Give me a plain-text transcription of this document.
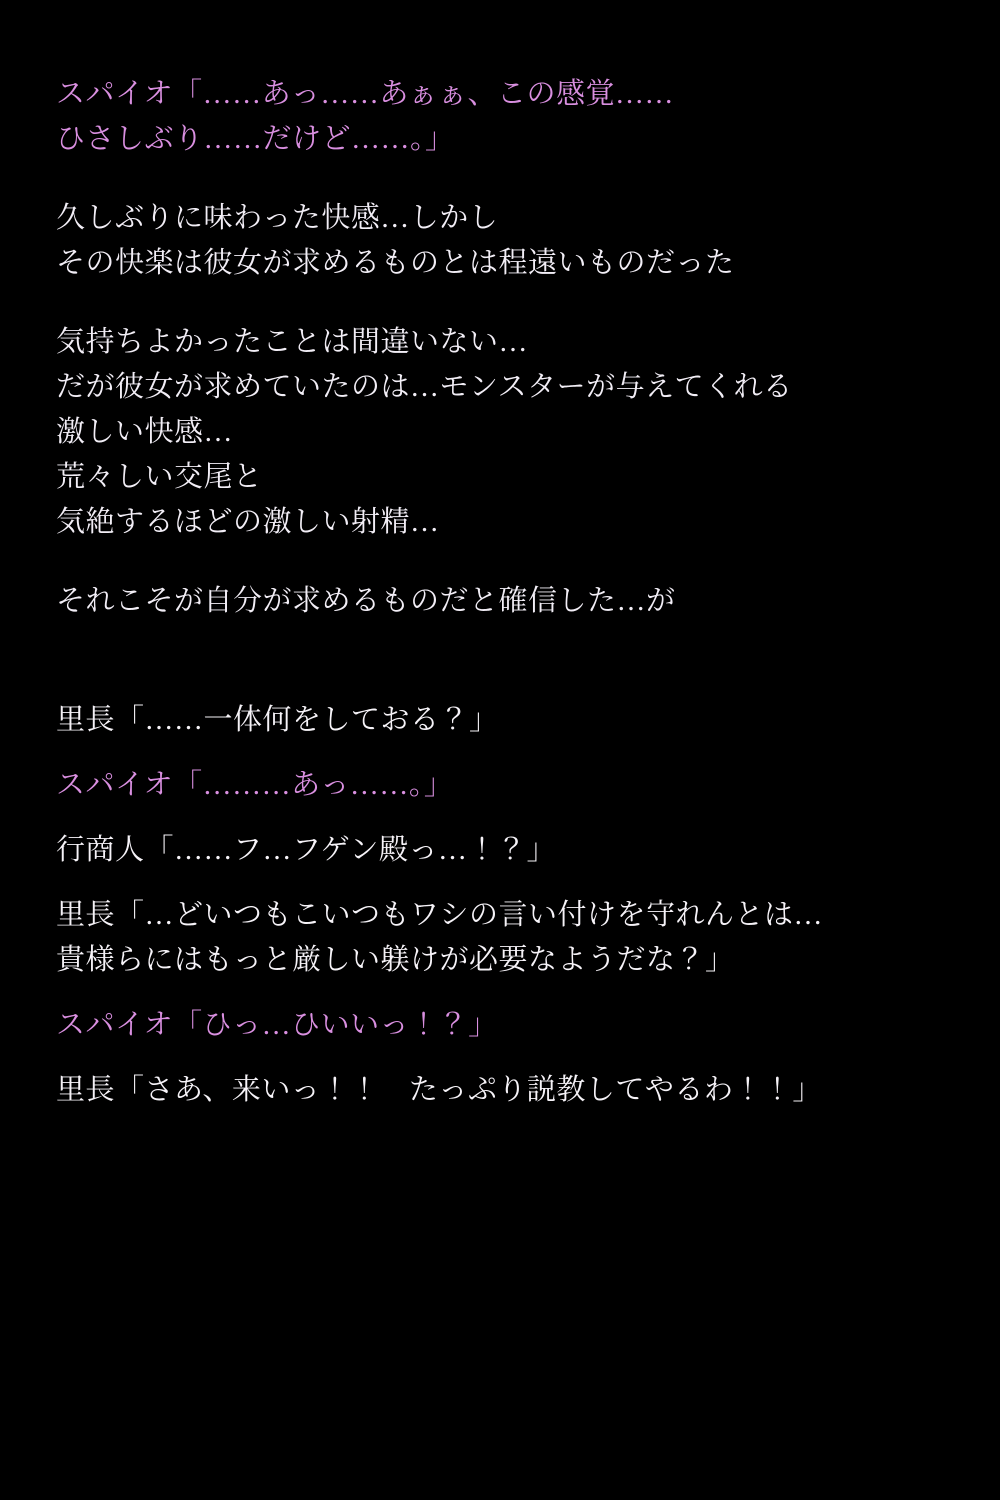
スパイオ「……あっ……あぁぁ、この感覚……
ひさしぶり……だけど……。」
久しぶりに味わった快感…しかし
その快楽は彼女が求めるものとは程遠いものだった
気持ちよかったことは間違いない…
だが彼女が求めていたのは…モンスターが与えてくれる
激しい快感…
荒々しい交尾と
気絶するほどの激しい射精…
それこそが自分が求めるものだと確信した…が
里長「……一体何をしておる？」
スパイオ「………あっ……。」
行商人「……フ…フゲン殿っ…！？」
里長「…どいつもこいつもワシの言い付けを守れんとは…
貴様らにはもっと厳しい躾けが必要なようだな？」
スパイオ「ひっ…ひいいっ！？」
里長「さあ、来いっ！！　たっぷり説教してやるわ！！」
